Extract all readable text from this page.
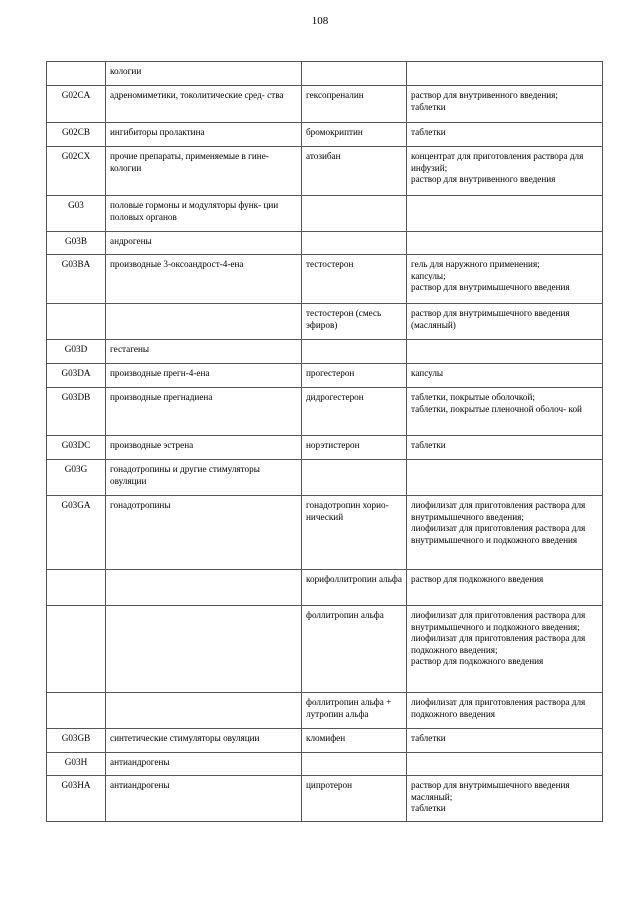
108
	кологии		
G02CA	адреномиметики, токолитические сред- ства	гексопреналин	раствор для внутривенного введения;
таблетки

G02CB	ингибиторы пролактина	бромокриптин	таблетки

G02CX	прочие препараты, применяемые в гине- кологии	атозибан	концентрат для приготовления раствора для инфузий;
раствор для внутривенного введения

G03	половые гормоны и модуляторы функ- ции половых органов		
G03B	андрогены		
G03BA	производные 3-оксоандрост-4-ена	тестостерон	гель для наружного применения;
капсулы;
раствор для внутримышечного введения

		тестостерон (смесь эфиров)	раствор для внутримышечного введения (масляный)

G03D	гестагены		
G03DA	производные прегн-4-ена	прогестерон	капсулы

G03DB	производные прегнадиена	дидрогестерон	таблетки, покрытые оболочкой;
таблетки, покрытые пленочной оболоч- кой

G03DC	производные эстрена	норэтистерон	таблетки

G03G	гонадотропины и другие стимуляторы овуляции		
G03GA	гонадотропины	гонадотропин хорио- нический	лиофилизат для приготовления раствора для внутримышечного введения;
лиофилизат для приготовления раствора для внутримышечного и подкожного введения

		корифоллитропин альфа	раствор для подкожного введения

		фоллитропин альфа	лиофилизат для приготовления раствора для внутримышечного и подкожного введения;
лиофилизат для приготовления раствора для подкожного введения;
раствор для подкожного введения

		фоллитропин альфа + лутропин альфа	лиофилизат для приготовления раствора для подкожного введения

G03GB	синтетические стимуляторы овуляции	кломифен	таблетки

G03H	антиандрогены		
G03HA	антиандрогены	ципротерон	раствор для внутримышечного введения масляный;
таблетки
